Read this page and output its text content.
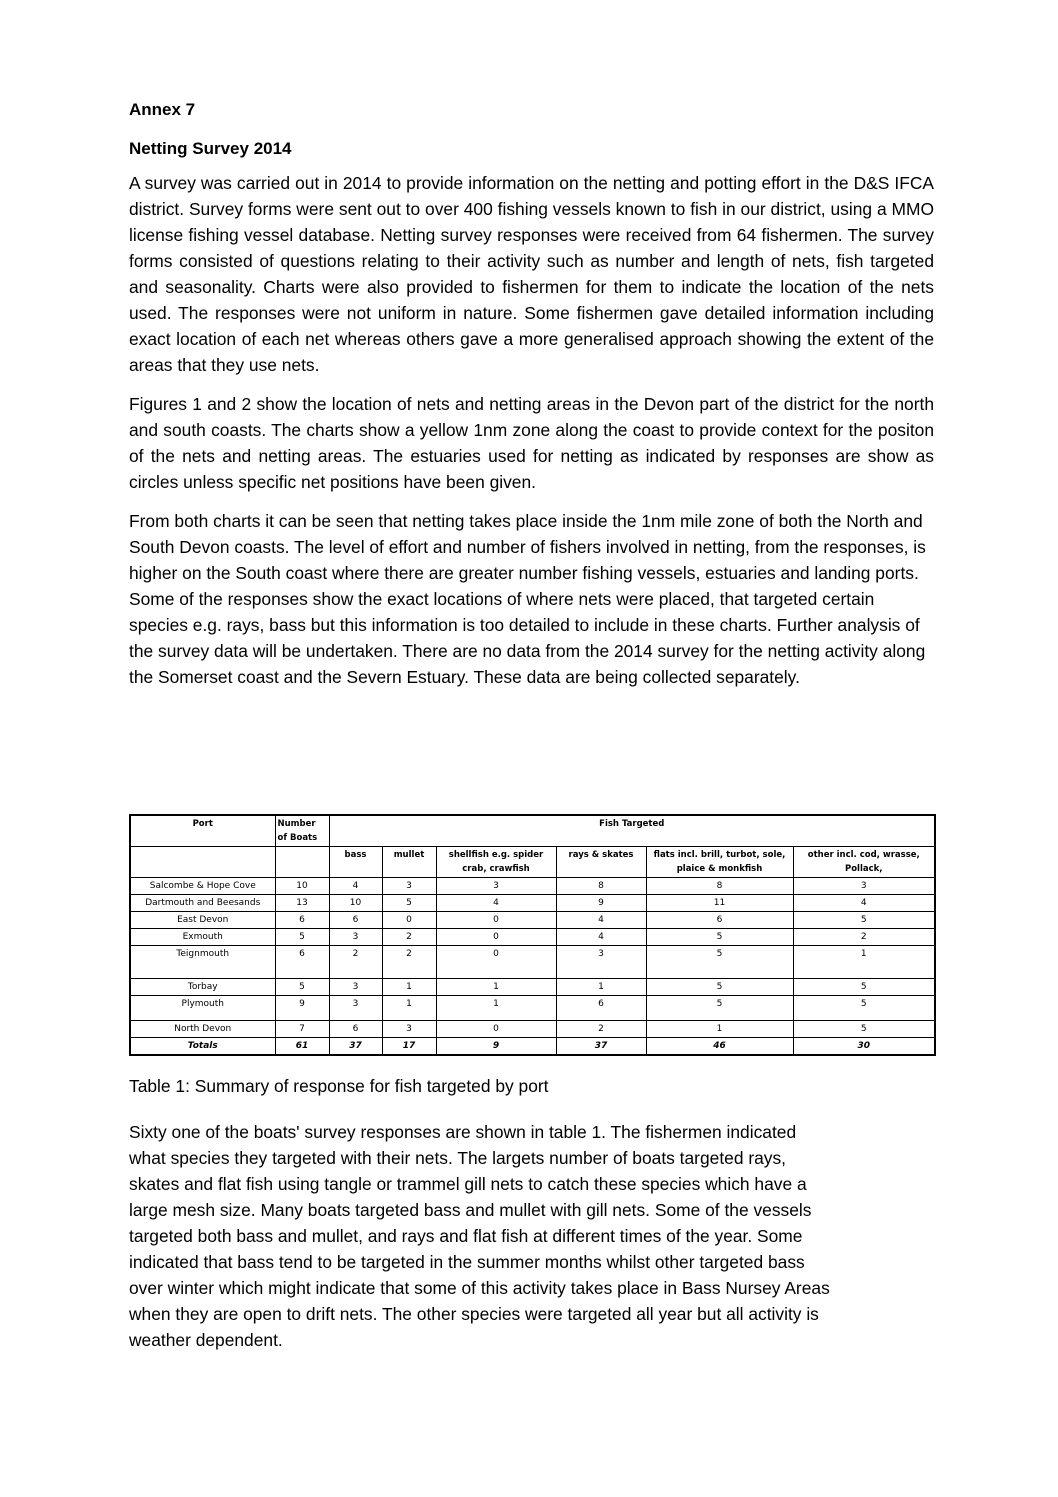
Annex 7

Netting Survey 2014

A survey was carried out in 2014 to provide information on the netting and potting effort in the D&S IFCA district. Survey forms were sent out to over 400 fishing vessels known to fish in our district, using a MMO license fishing vessel database. Netting survey responses were received from 64 fishermen. The survey forms consisted of questions relating to their activity such as number and length of nets, fish targeted and seasonality. Charts were also provided to fishermen for them to indicate the location of the nets used. The responses were not uniform in nature. Some fishermen gave detailed information including exact location of each net whereas others gave a more generalised approach showing the extent of the areas that they use nets.

Figures 1 and 2 show the location of nets and netting areas in the Devon part of the district for the north and south coasts. The charts show a yellow 1nm zone along the coast to provide context for the positon of the nets and netting areas. The estuaries used for netting as indicated by responses are show as circles unless specific net positions have been given.

From both charts it can be seen that netting takes place inside the 1nm mile zone of both the North and South Devon coasts. The level of effort and number of fishers involved in netting, from the responses, is higher on the South coast where there are greater number fishing vessels, estuaries and landing ports. Some of the responses show the exact locations of where nets were placed, that targeted certain species e.g. rays, bass but this information is too detailed to include in these charts. Further analysis of the survey data will be undertaken. There are no data from the 2014 survey for the netting activity along the Somerset coast and the Severn Estuary. These data are being collected separately.

Port	Number of Boats	Fish Targeted					
		bass	mullet	shellfish e.g. spider crab, crawfish	rays & skates	flats incl. brill, turbot, sole, plaice & monkfish	other incl. cod, wrasse, Pollack,
Salcombe & Hope Cove	10	4	3	3	8	8	3
Dartmouth and Beesands	13	10	5	4	9	11	4
East Devon	6	6	0	0	4	6	5
Exmouth	5	3	2	0	4	5	2
Teignmouth	6	2	2	0	3	5	1
Torbay	5	3	1	1	1	5	5
Plymouth	9	3	1	1	6	5	5
North Devon	7	6	3	0	2	1	5
Totals	61	37	17	9	37	46	30

Table 1: Summary of response for fish targeted by port

Sixty one of the boats' survey responses are shown in table 1. The fishermen indicated
what species they targeted with their nets. The largets number of boats targeted rays,
skates and flat fish using tangle or trammel gill nets to catch these species which have a
large mesh size. Many boats targeted bass and mullet with gill nets. Some of the vessels
targeted both bass and mullet, and rays and flat fish at different times of the year. Some
indicated that bass tend to be targeted in the summer months whilst other targeted bass
over winter which might indicate that some of this activity takes place in Bass Nursey Areas
when they are open to drift nets. The other species were targeted all year but all activity is
weather dependent.
